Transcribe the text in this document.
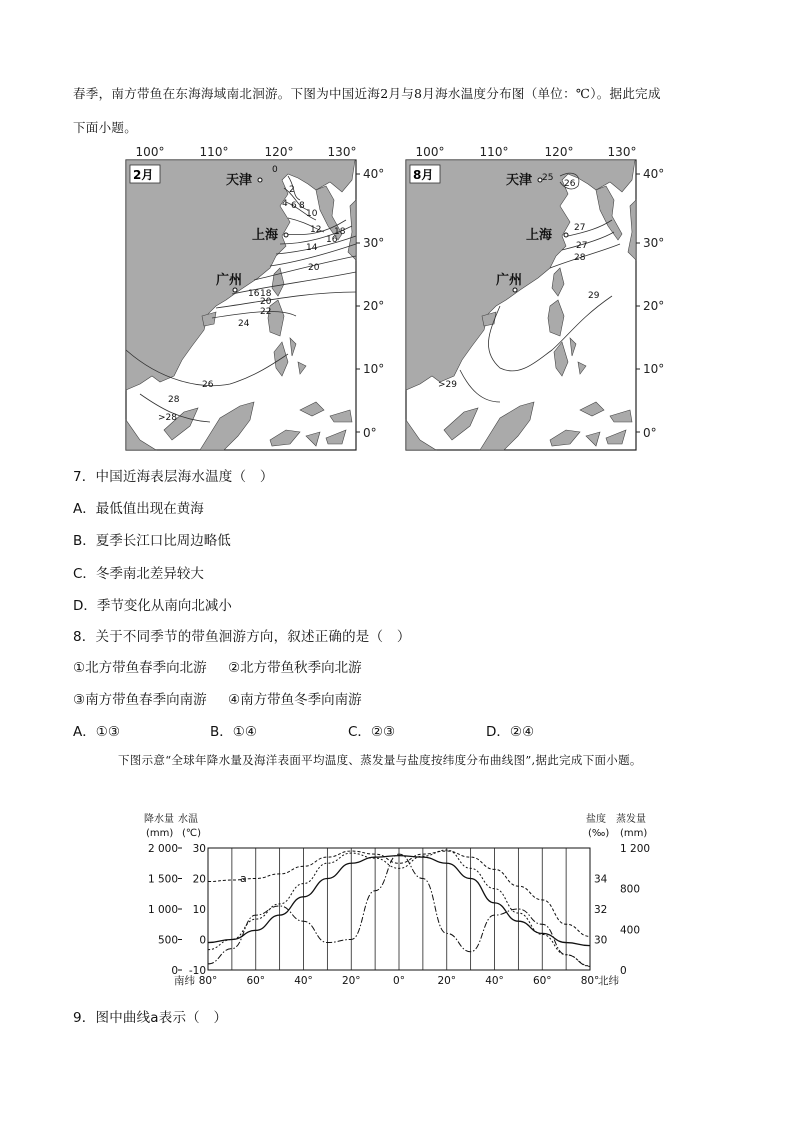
春季，南方带鱼在东海海域南北洄游。下图为中国近海2月与8月海水温度分布图（单位：℃）。据此完成
下面小题。
100°	110°	120°	130°
40°
30°
20°
10°
0°
0
2
4 6 8
10
12
14
16
18
16 18
20
20
22
24
26
28
>28
2月	天津
上海
广州
100°	110°	120°	130°
40°
30°
20°
10°
0°
25
26
27
27
28
29
>29
8月	天津
上海
广州
7．中国近海表层海水温度（　）
A．最低值出现在黄海
B．夏季长江口比周边略低
C．冬季南北差异较大
D．季节变化从南向北减小
8．关于不同季节的带鱼洄游方向，叙述正确的是（　）
①北方带鱼春季向北游 ②北方带鱼秋季向北游
③南方带鱼春季向南游 ④南方带鱼冬季向南游
A．①③	B．①④	C．②③	D．②④
下图示意“全球年降水量及海洋表面平均温度、蒸发量与盐度按纬度分布曲线图”,据此完成下面小题。
降水量 水温
(mm) (℃)
盐度 蒸发量
(‰) (mm)
80°	60°	40°	20°	0°	20°	40°	60°	80°
南纬	北纬
2 000
1 500
1 000
500
0
30
20
10
0
-10
34
32
30
1 200
800
400
0
a
9．图中曲线a表示（　）
